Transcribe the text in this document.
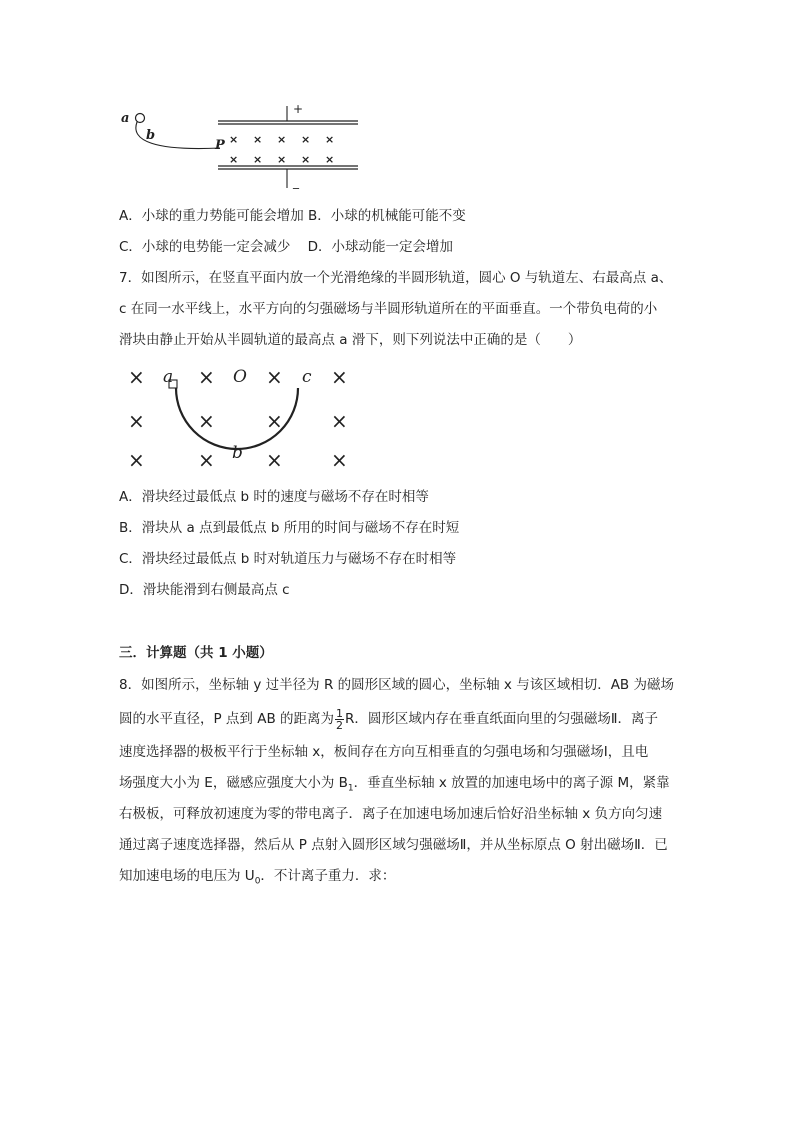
× × × × ×
× × × × ×
a
b
P
+
_
A．小球的重力势能可能会增加 B．小球的机械能可能不变
C．小球的电势能一定会减少    D．小球动能一定会增加
7．如图所示，在竖直平面内放一个光滑绝缘的半圆形轨道，圆心 O 与轨道左、右最高点 a、
c 在同一水平线上，水平方向的匀强磁场与半圆形轨道所在的平面垂直。一个带负电荷的小
滑块由静止开始从半圆轨道的最高点 a 滑下，则下列说法中正确的是（　　）
×	×	× ×
×	×	× ×
×	×	× ×
a	O	c
b
A．滑块经过最低点 b 时的速度与磁场不存在时相等
B．滑块从 a 点到最低点 b 所用的时间与磁场不存在时短
C．滑块经过最低点 b 时对轨道压力与磁场不存在时相等
D．滑块能滑到右侧最高点 c
三．计算题（共 1 小题）
8．如图所示，坐标轴 y 过半径为 R 的圆形区域的圆心，坐标轴 x 与该区域相切．AB 为磁场
圆的水平直径，P 点到 AB 的距离为 $\frac{1}{2}$ R．圆形区域内存在垂直纸面向里的匀强磁场Ⅱ．离子
速度选择器的极板平行于坐标轴 x，板间存在方向互相垂直的匀强电场和匀强磁场Ⅰ，且电
场强度大小为 E，磁感应强度大小为 $B_1$．垂直坐标轴 x 放置的加速电场中的离子源 M，紧靠
右极板，可释放初速度为零的带电离子．离子在加速电场加速后恰好沿坐标轴 x 负方向匀速
通过离子速度选择器，然后从 P 点射入圆形区域匀强磁场Ⅱ，并从坐标原点 O 射出磁场Ⅱ．已
知加速电场的电压为 $U_0$．不计离子重力．求：
